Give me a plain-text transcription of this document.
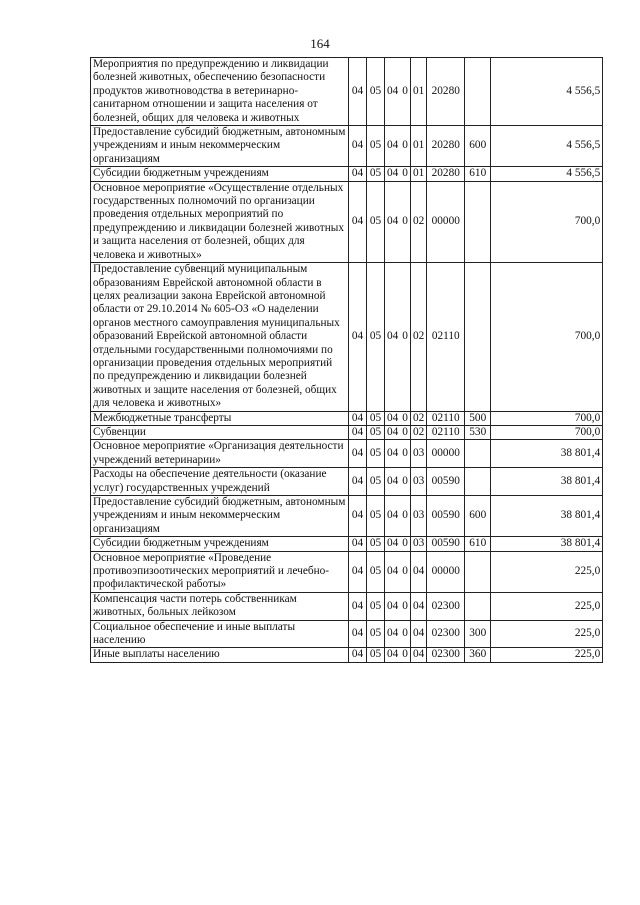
164
Мероприятия по предупреждению и ликвидации болезней животных, обеспечению безопасности продуктов животноводства в ветеринарно-санитарном отношении и защита населения от болезней, общих для человека и животных	04	05	04	0	01	20280		4 556,5
Предоставление субсидий бюджетным, автономным учреждениям и иным некоммерческим организациям	04	05	04	0	01	20280	600	4 556,5
Субсидии бюджетным учреждениям	04	05	04	0	01	20280	610	4 556,5
Основное мероприятие «Осуществление отдельных государственных полномочий по организации проведения отдельных мероприятий по предупреждению и ликвидации болезней животных и защита населения от болезней, общих для человека и животных»	04	05	04	0	02	00000		700,0
Предоставление субвенций муниципальным образованиям Еврейской автономной области в целях реализации закона Еврейской автономной области от 29.10.2014 № 605-ОЗ «О наделении органов местного самоуправления муниципальных образований Еврейской автономной области отдельными государственными полномочиями по организации проведения отдельных мероприятий по предупреждению и ликвидации болезней животных и защите населения от болезней, общих для человека и животных»	04	05	04	0	02	02110		700,0
Межбюджетные трансферты	04	05	04	0	02	02110	500	700,0
Субвенции	04	05	04	0	02	02110	530	700,0
Основное мероприятие «Организация деятельности учреждений ветеринарии»	04	05	04	0	03	00000		38 801,4
Расходы на обеспечение деятельности (оказание услуг) государственных учреждений	04	05	04	0	03	00590		38 801,4
Предоставление субсидий бюджетным, автономным учреждениям и иным некоммерческим организациям	04	05	04	0	03	00590	600	38 801,4
Субсидии бюджетным учреждениям	04	05	04	0	03	00590	610	38 801,4
Основное мероприятие «Проведение противоэпизоотических мероприятий и лечебно-профилактической работы»	04	05	04	0	04	00000		225,0
Компенсация части потерь собственникам животных, больных лейкозом	04	05	04	0	04	02300		225,0
Социальное обеспечение и иные выплаты населению	04	05	04	0	04	02300	300	225,0
Иные выплаты населению	04	05	04	0	04	02300	360	225,0
